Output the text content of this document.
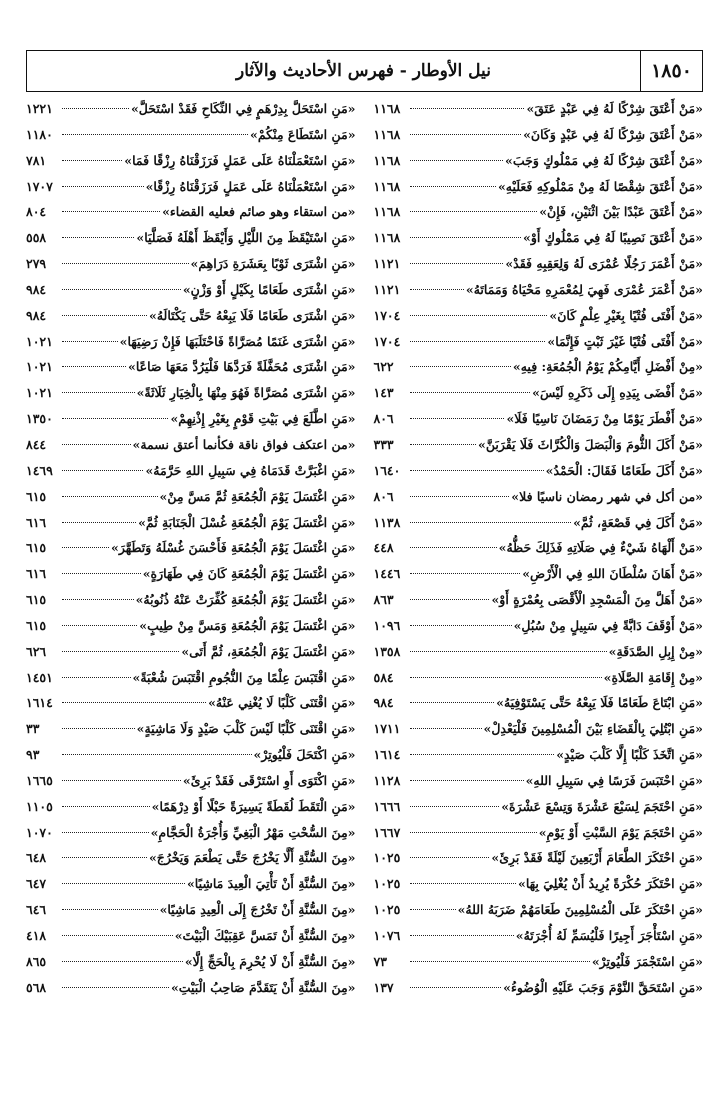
١٨٥٠
نيل الأوطار - فهرس الأحاديث والآثار
«مَنْ أَعْتَقَ شِرْكًا لَهُ فِي عَبْدٍ عَتَقَ»
١١٦٨
«مَنْ أَعْتَقَ شِرْكًا لَهُ فِي عَبْدٍ وَكَانَ»
١١٦٨
«مَنْ أَعْتَقَ شِرْكًا لَهُ فِي مَمْلُوكٍ وَجَبَ»
١١٦٨
«مَنْ أَعْتَقَ شِقْصًا لَهُ مِنْ مَمْلُوكِهِ فَعَلَيْهِ»
١١٦٨
«مَنْ أَعْتَقَ عَبْدًا بَيْنَ اثْنَيْنِ، فَإِنْ»
١١٦٨
«مَنْ أَعْتَقَ نَصِيبًا لَهُ فِي مَمْلُوكٍ أَوْ»
١١٦٨
«مَنْ أَعْمَرَ رَجُلًا عُمْرَى لَهُ وَلِعَقِبِهِ فَقَدْ»
١١٢١
«مَنْ أَعْمَرَ عُمْرَى فَهِيَ لِمُعْمَرِهِ مَحْيَاهُ وَمَمَاتَهُ»
١١٢١
«مَنْ أَفْتَى فُتْيًا بِغَيْرِ عِلْمٍ كَانَ»
١٧٠٤
«مَنْ أَفْتَى فُتْيًا غَيْرَ ثَبْتٍ فَإِنَّمَا»
١٧٠٤
«مِنْ أَفْضَلِ أَيَّامِكُمْ يَوْمُ الْجُمُعَةِ: فِيهِ»
٦٢٢
«مَنْ أَفْضَى بِيَدِهِ إِلَى ذَكَرِهِ لَيْسَ»
١٤٣
«مَنْ أَفْطَرَ يَوْمًا مِنْ رَمَضَانَ نَاسِيًا فَلَا»
٨٠٦
«مَنْ أَكَلَ الثُّومَ وَالْبَصَلَ وَالْكُرَّاثَ فَلَا يَقْرَبَنَّ»
٣٣٣
«مَنْ أَكَلَ طَعَامًا فَقَالَ: الْحَمْدُ»
١٦٤٠
«من أكل في شهر رمضان ناسيًا فلا»
٨٠٦
«مَنْ أَكَلَ فِي قَصْعَةٍ، ثُمَّ»
١١٣٨
«مَنْ أَلْهَاهُ شَيْءٌ فِي صَلَاتِهِ فَذَلِكَ حَظُّهُ»
٤٤٨
«مَنْ أَهَانَ سُلْطَانَ اللهِ فِي الْأَرْضِ»
١٤٤٦
«مَنْ أَهَلَّ مِنَ الْمَسْجِدِ الْأَقْصَى بِعُمْرَةٍ أَوْ»
٨٦٣
«مَنْ أَوْقَفَ دَابَّةً فِي سَبِيلٍ مِنْ سُبُلِ»
١٠٩٦
«مِنْ إِبِلِ الصَّدَقَةِ»
١٣٥٨
«مِنْ إِقَامَةِ الصَّلَاةِ»
٥٨٤
«مَنِ ابْتَاعَ طَعَامًا فَلَا يَبِعْهُ حَتَّى يَسْتَوْفِيَهُ»
٩٨٤
«مَنِ ابْتُلِيَ بِالْقَضَاءِ بَيْنَ الْمُسْلِمِينَ فَلْيَعْدِلْ»
١٧١١
«مَنِ اتَّخَذَ كَلْبًا إِلَّا كَلْبَ صَيْدٍ»
١٦١٤
«مَنِ احْتَبَسَ فَرَسًا فِي سَبِيلِ اللهِ»
١١٢٨
«مَنِ احْتَجَمَ لِسَبْعَ عَشْرَةَ وَتِسْعَ عَشْرَةَ»
١٦٦٦
«مَنِ احْتَجَمَ يَوْمَ السَّبْتِ أَوْ يَوْمِ»
١٦٦٧
«مَنِ احْتَكَرَ الطَّعَامَ أَرْبَعِينَ لَيْلَةً فَقَدْ بَرِئَ»
١٠٢٥
«مَنِ احْتَكَرَ حُكْرَةً يُرِيدُ أَنْ يُغْلِيَ بِهَا»
١٠٢٥
«مَنِ احْتَكَرَ عَلَى الْمُسْلِمِينَ طَعَامَهُمْ ضَرَبَهُ اللهُ»
١٠٢٥
«مَنِ اسْتَأْجَرَ أَجِيرًا فَلْيُسَمِّ لَهُ أُجْرَتَهُ»
١٠٧٦
«مَنِ اسْتَجْمَرَ فَلْيُوتِرْ»
٧٣
«مَنِ اسْتَحَقَّ النَّوْمَ وَجَبَ عَلَيْهِ الْوُضُوءُ»
١٣٧
«مَنِ اسْتَحَلَّ بِدِرْهَمٍ فِي النِّكَاحِ فَقَدْ اسْتَحَلَّ»
١٢٢١
«مَنِ اسْتَطَاعَ مِنْكُمْ»
١١٨٠
«مَنِ اسْتَعْمَلْنَاهُ عَلَى عَمَلٍ فَرَزَقْنَاهُ رِزْقًا فَمَا»
٧٨١
«مَنِ اسْتَعْمَلْنَاهُ عَلَى عَمَلٍ فَرَزَقْنَاهُ رِزْقًا»
١٧٠٧
«من استقاء وهو صائم فعليه القضاء»
٨٠٤
«مَنِ اسْتَيْقَظَ مِنَ اللَّيْلِ وَأَيْقَظَ أَهْلَهُ فَصَلَّيَا»
٥٥٨
«مَنِ اشْتَرَى ثَوْبًا بِعَشَرَةِ دَرَاهِمَ»
٢٧٩
«مَنِ اشْتَرَى طَعَامًا بِكَيْلٍ أَوْ وَزْنٍ»
٩٨٤
«مَنِ اشْتَرَى طَعَامًا فَلَا يَبِعْهُ حَتَّى يَكْتَالَهُ»
٩٨٤
«مَنِ اشْتَرَى غَنَمًا مُصَرَّاةً فَاحْتَلَبَهَا فَإِنْ رَضِيَهَا»
١٠٢١
«مَنِ اشْتَرَى مُحَفَّلَةً فَرَدَّهَا فَلْيَرُدَّ مَعَهَا صَاعًا»
١٠٢١
«مَنِ اشْتَرَى مُصَرَّاةً فَهُوَ مِنْهَا بِالْخِيَارِ ثَلَاثَةً»
١٠٢١
«مَنِ اطَّلَعَ فِي بَيْتِ قَوْمٍ بِغَيْرِ إِذْنِهِمْ»
١٣٥٠
«من اعتكف فواق ناقة فكأنما أعتق نسمة»
٨٤٤
«مَنِ اغْبَرَّتْ قَدَمَاهُ فِي سَبِيلِ اللهِ حَرَّمَهُ»
١٤٦٩
«مَنِ اغْتَسَلَ يَوْمَ الْجُمُعَةِ ثُمَّ مَسَّ مِنْ»
٦١٥
«مَنِ اغْتَسَلَ يَوْمَ الْجُمُعَةِ غُسْلَ الْجَنَابَةِ ثُمَّ»
٦١٦
«مَنِ اغْتَسَلَ يَوْمَ الْجُمُعَةِ فَأَحْسَنَ غُسْلَهُ وَتَطَهَّرَ»
٦١٥
«مَنِ اغْتَسَلَ يَوْمَ الْجُمُعَةِ كَانَ فِي طَهَارَةٍ»
٦١٦
«مَنِ اغْتَسَلَ يَوْمَ الْجُمُعَةِ كُفِّرَتْ عَنْهُ ذُنُوبُهُ»
٦١٥
«مَنِ اغْتَسَلَ يَوْمَ الْجُمُعَةِ وَمَسَّ مِنْ طِيبٍ»
٦١٥
«مَنِ اغْتَسَلَ يَوْمَ الْجُمُعَةِ، ثُمَّ أَتَى»
٦٢٦
«مَنِ اقْتَبَسَ عِلْمًا مِنَ النُّجُومِ اقْتَبَسَ شُعْبَةً»
١٤٥١
«مَنِ اقْتَنَى كَلْبًا لَا يُغْنِي عَنْهُ»
١٦١٤
«مَنِ اقْتَنَى كَلْبًا لَيْسَ كَلْبَ صَيْدٍ وَلَا مَاشِيَةٍ»
٣٣
«مَنِ اكْتَحَلَ فَلْيُوتِرْ»
٩٣
«مَنِ اكْتَوَى أَوِ اسْتَرْقَى فَقَدْ بَرِئَ»
١٦٦٥
«مَنِ الْتَقَطَ لُقَطَةً يَسِيرَةً حَبْلًا أَوْ دِرْهَمًا»
١١٠٥
«مِنَ السُّحْتِ مَهْرُ الْبَغِيِّ وَأُجْرَةُ الْحَجَّامِ»
١٠٧٠
«مِنَ السُّنَّةِ أَلَّا يَخْرُجَ حَتَّى يَطْعَمَ وَيَخْرُجَ»
٦٤٨
«مِنَ السُّنَّةِ أَنْ تَأْتِيَ الْعِيدَ مَاشِيًا»
٦٤٧
«مِنَ السُّنَّةِ أَنْ تَخْرُجَ إِلَى الْعِيدِ مَاشِيًا»
٦٤٦
«مِنَ السُّنَّةِ أَنْ تَمَسَّ عَقِبَيْكَ الْبَيْتَ»
٤١٨
«مِنَ السُّنَّةِ أَنْ لَا يُحْرِمَ بِالْحَجِّ إِلَّا»
٨٦٥
«مِنَ السُّنَّةِ أَنْ يَتَقَدَّمَ صَاحِبُ الْبَيْتِ»
٥٦٨
